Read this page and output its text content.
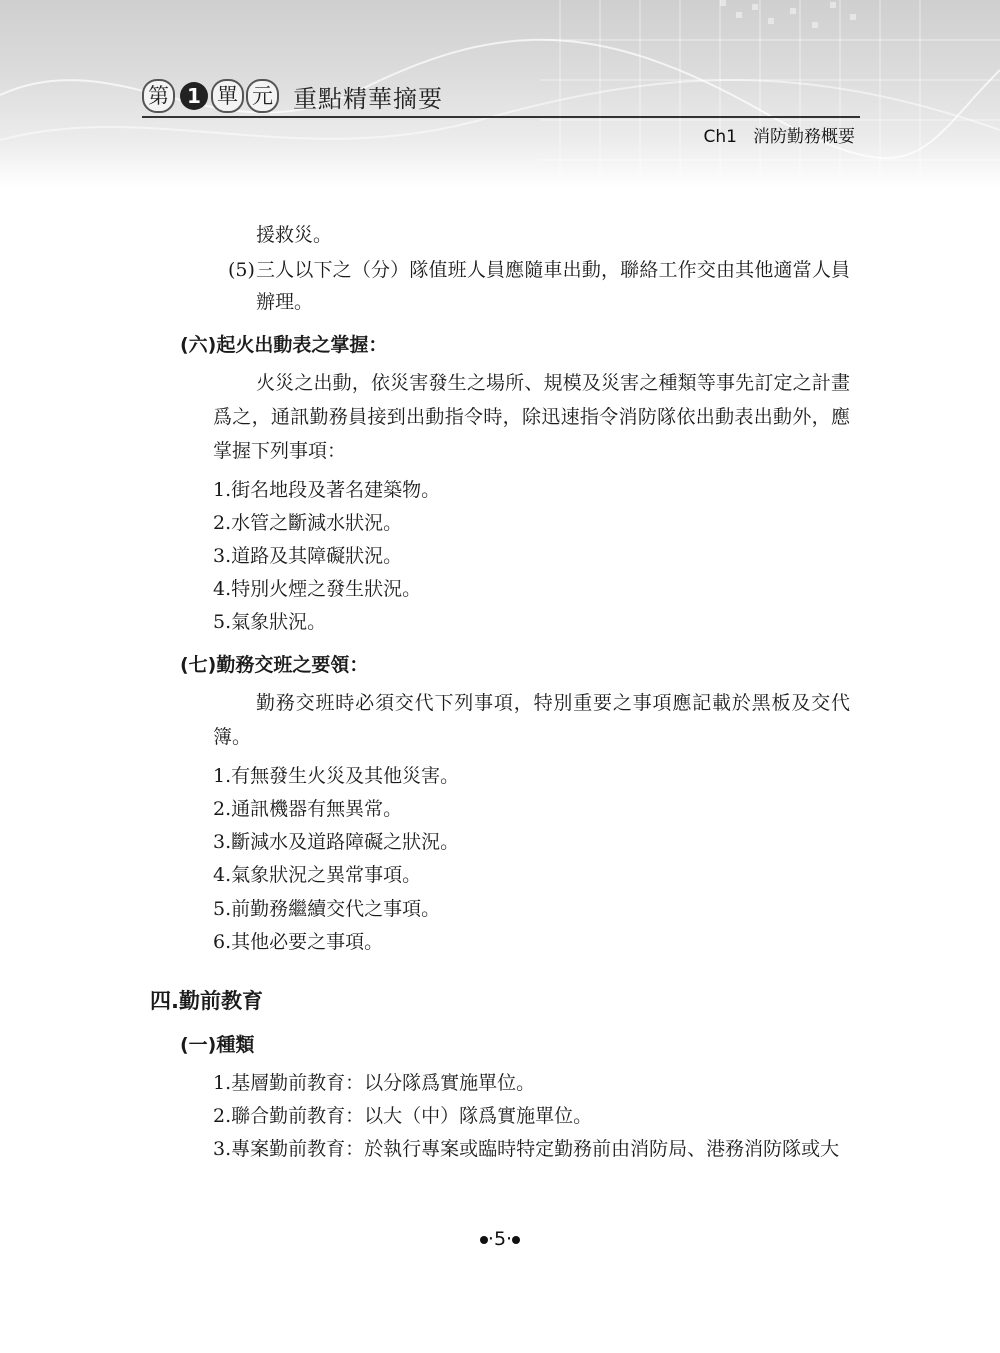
第 1 單 元 重點精華摘要
Ch1 消防勤務概要
援救災。
(5) 三人以下之（分）隊值班人員應隨車出動，聯絡工作交由其他適當人員
辦理。
(六)起火出動表之掌握：
火災之出動，依災害發生之場所、規模及災害之種類等事先訂定之計畫
爲之，通訊勤務員接到出動指令時，除迅速指令消防隊依出動表出動外，應
掌握下列事項：
1.街名地段及著名建築物。
2.水管之斷減水狀況。
3.道路及其障礙狀況。
4.特別火煙之發生狀況。
5.氣象狀況。
(七)勤務交班之要領：
勤務交班時必須交代下列事項，特別重要之事項應記載於黑板及交代
簿。
1.有無發生火災及其他災害。
2.通訊機器有無異常。
3.斷減水及道路障礙之狀況。
4.氣象狀況之異常事項。
5.前勤務繼續交代之事項。
6.其他必要之事項。
四.勤前教育
(一)種類
1.基層勤前教育：以分隊爲實施單位。
2.聯合勤前教育：以大（中）隊爲實施單位。
3.專案勤前教育：於執行專案或臨時特定勤務前由消防局、港務消防隊或大
·5·
